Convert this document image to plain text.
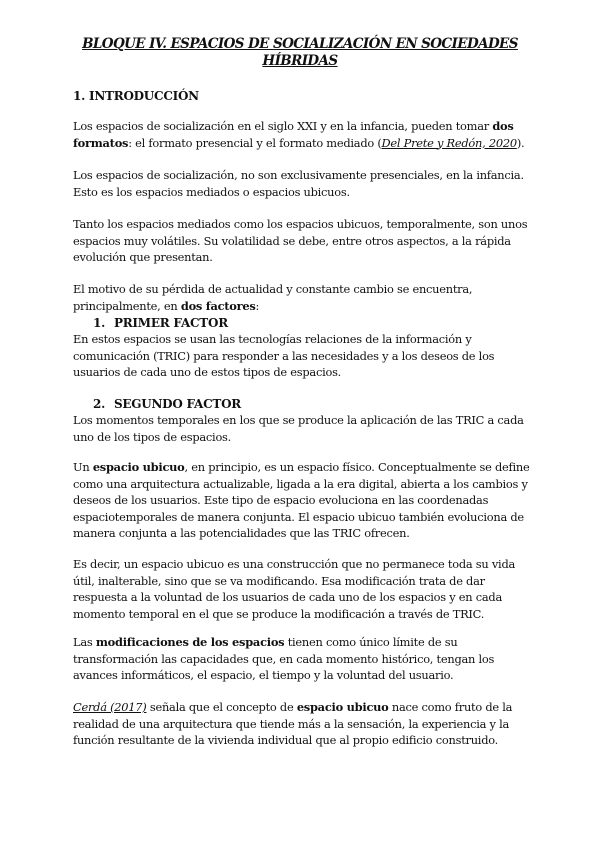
BLOQUE IV. ESPACIOS DE SOCIALIZACIÓN EN SOCIEDADES HÍBRIDAS
1. INTRODUCCIÓN
Los espacios de socialización en el siglo XXI y en la infancia, pueden tomar dos formatos: el formato presencial y el formato mediado (Del Prete y Redón, 2020).
Los espacios de socialización, no son exclusivamente presenciales, en la infancia. Esto es los espacios mediados o espacios ubicuos.
Tanto los espacios mediados como los espacios ubicuos, temporalmente, son unos espacios muy volátiles. Su volatilidad se debe, entre otros aspectos, a la rápida evolución que presentan.
El motivo de su pérdida de actualidad y constante cambio se encuentra, principalmente, en dos factores:
1. PRIMER FACTOR
En estos espacios se usan las tecnologías relaciones de la información y comunicación (TRIC) para responder a las necesidades y a los deseos de los usuarios de cada uno de estos tipos de espacios.
2. SEGUNDO FACTOR
Los momentos temporales en los que se produce la aplicación de las TRIC a cada uno de los tipos de espacios.
Un espacio ubicuo, en principio, es un espacio físico. Conceptualmente se define como una arquitectura actualizable, ligada a la era digital, abierta a los cambios y deseos de los usuarios. Este tipo de espacio evoluciona en las coordenadas espaciotemporales de manera conjunta. El espacio ubicuo también evoluciona de manera conjunta a las potencialidades que las TRIC ofrecen.
Es decir, un espacio ubicuo es una construcción que no permanece toda su vida útil, inalterable, sino que se va modificando. Esa modificación trata de dar respuesta a la voluntad de los usuarios de cada uno de los espacios y en cada momento temporal en el que se produce la modificación a través de TRIC.
Las modificaciones de los espacios tienen como único límite de su transformación las capacidades que, en cada momento histórico, tengan los avances informáticos, el espacio, el tiempo y la voluntad del usuario.
Cerdá (2017) señala que el concepto de espacio ubicuo nace como fruto de la realidad de una arquitectura que tiende más a la sensación, la experiencia y la función resultante de la vivienda individual que al propio edificio construido.
